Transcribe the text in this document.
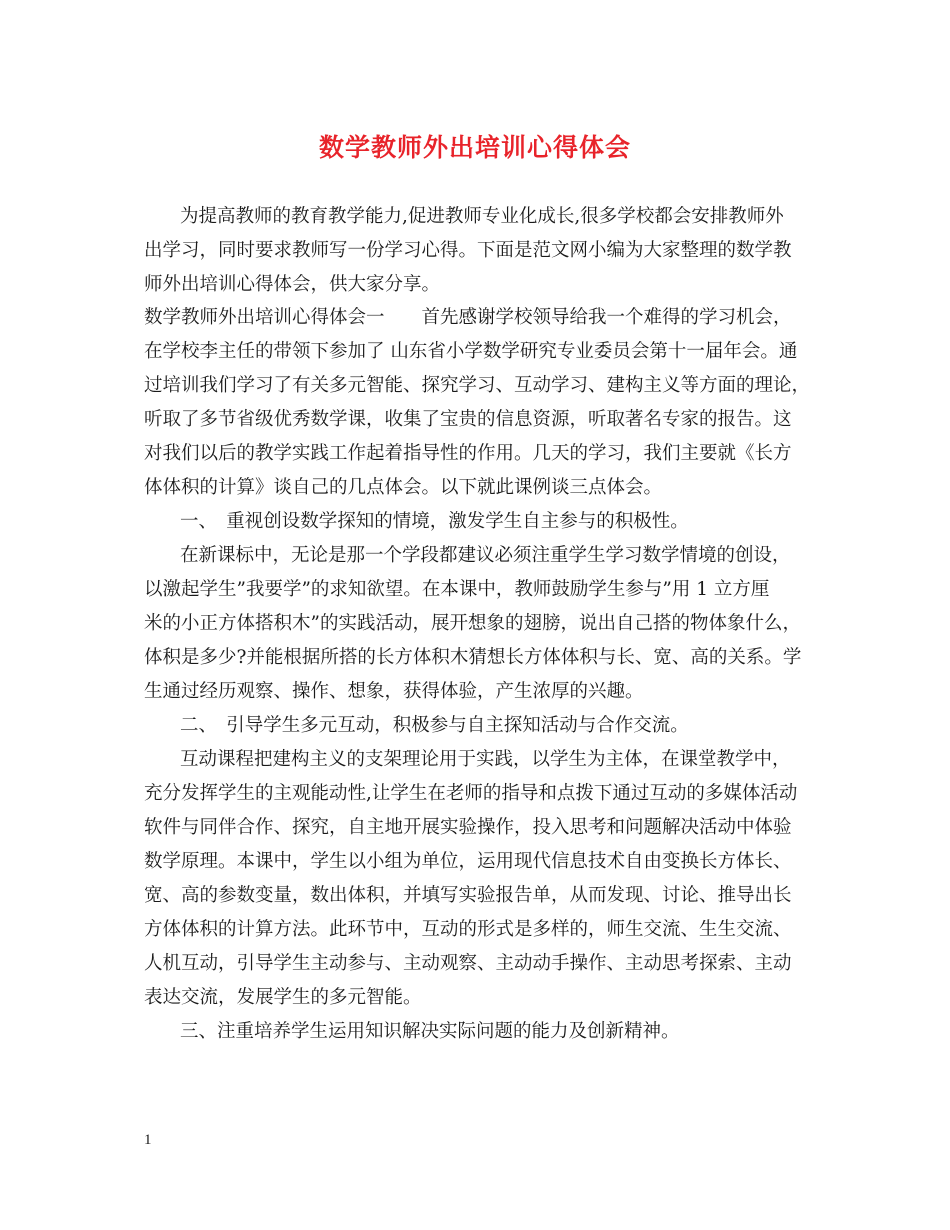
数学教师外出培训心得体会
为提高教师的教育教学能力,促进教师专业化成长,很多学校都会安排教师外
出学习，同时要求教师写一份学习心得。下面是范文网小编为大家整理的数学教
师外出培训心得体会，供大家分享。
数学教师外出培训心得体会一　　首先感谢学校领导给我一个难得的学习机会，
在学校李主任的带领下参加了 山东省小学数学研究专业委员会第十一届年会。通
过培训我们学习了有关多元智能、探究学习、互动学习、建构主义等方面的理论，
听取了多节省级优秀数学课，收集了宝贵的信息资源，听取著名专家的报告。这
对我们以后的教学实践工作起着指导性的作用。几天的学习，我们主要就《长方
体体积的计算》谈自己的几点体会。以下就此课例谈三点体会。
一、　重视创设数学探知的情境，激发学生自主参与的积极性。
在新课标中，无论是那一个学段都建议必须注重学生学习数学情境的创设，
以激起学生”我要学”的求知欲望。在本课中，教师鼓励学生参与”用 1 立方厘
米的小正方体搭积木”的实践活动，展开想象的翅膀，说出自己搭的物体象什么，
体积是多少?并能根据所搭的长方体积木猜想长方体体积与长、宽、高的关系。学
生通过经历观察、操作、想象，获得体验，产生浓厚的兴趣。
二、　引导学生多元互动，积极参与自主探知活动与合作交流。
互动课程把建构主义的支架理论用于实践，以学生为主体，在课堂教学中，
充分发挥学生的主观能动性,让学生在老师的指导和点拨下通过互动的多媒体活动
软件与同伴合作、探究，自主地开展实验操作，投入思考和问题解决活动中体验
数学原理。本课中，学生以小组为单位，运用现代信息技术自由变换长方体长、
宽、高的参数变量，数出体积，并填写实验报告单，从而发现、讨论、推导出长
方体体积的计算方法。此环节中，互动的形式是多样的，师生交流、生生交流、
人机互动，引导学生主动参与、主动观察、主动动手操作、主动思考探索、主动
表达交流，发展学生的多元智能。
三、注重培养学生运用知识解决实际问题的能力及创新精神。
1
